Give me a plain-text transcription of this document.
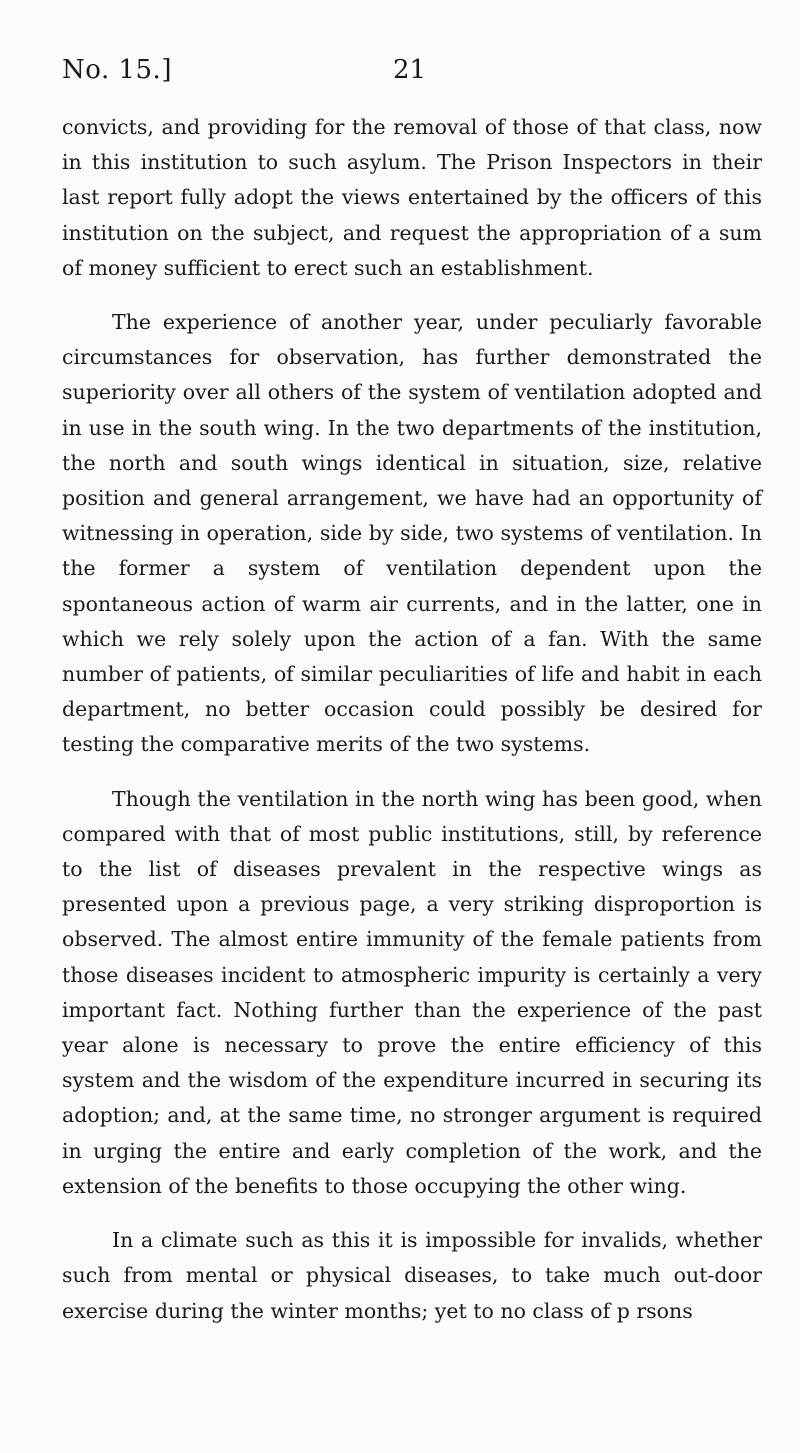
No. 15.]	21

convicts, and providing for the removal of those of that class, now in this institution to such asylum. The Prison Inspectors in their last report fully adopt the views entertained by the officers of this institution on the subject, and request the appropriation of a sum of money sufficient to erect such an establishment.

The experience of another year, under peculiarly favorable circumstances for observation, has further demonstrated the superiority over all others of the system of ventilation adopted and in use in the south wing. In the two departments of the institution, the north and south wings identical in situation, size, relative position and general arrangement, we have had an opportunity of witnessing in operation, side by side, two systems of ventilation. In the former a system of ventilation dependent upon the spontaneous action of warm air currents, and in the latter, one in which we rely solely upon the action of a fan. With the same number of patients, of similar peculiarities of life and habit in each department, no better occasion could possibly be desired for testing the comparative merits of the two systems.

Though the ventilation in the north wing has been good, when compared with that of most public institutions, still, by reference to the list of diseases prevalent in the respective wings as presented upon a previous page, a very striking disproportion is observed. The almost entire immunity of the female patients from those diseases incident to atmospheric impurity is certainly a very important fact. Nothing further than the experience of the past year alone is necessary to prove the entire efficiency of this system and the wisdom of the expenditure incurred in securing its adoption; and, at the same time, no stronger argument is required in urging the entire and early completion of the work, and the extension of the benefits to those occupying the other wing.

In a climate such as this it is impossible for invalids, whether such from mental or physical diseases, to take much out-door exercise during the winter months; yet to no class of p rsons
